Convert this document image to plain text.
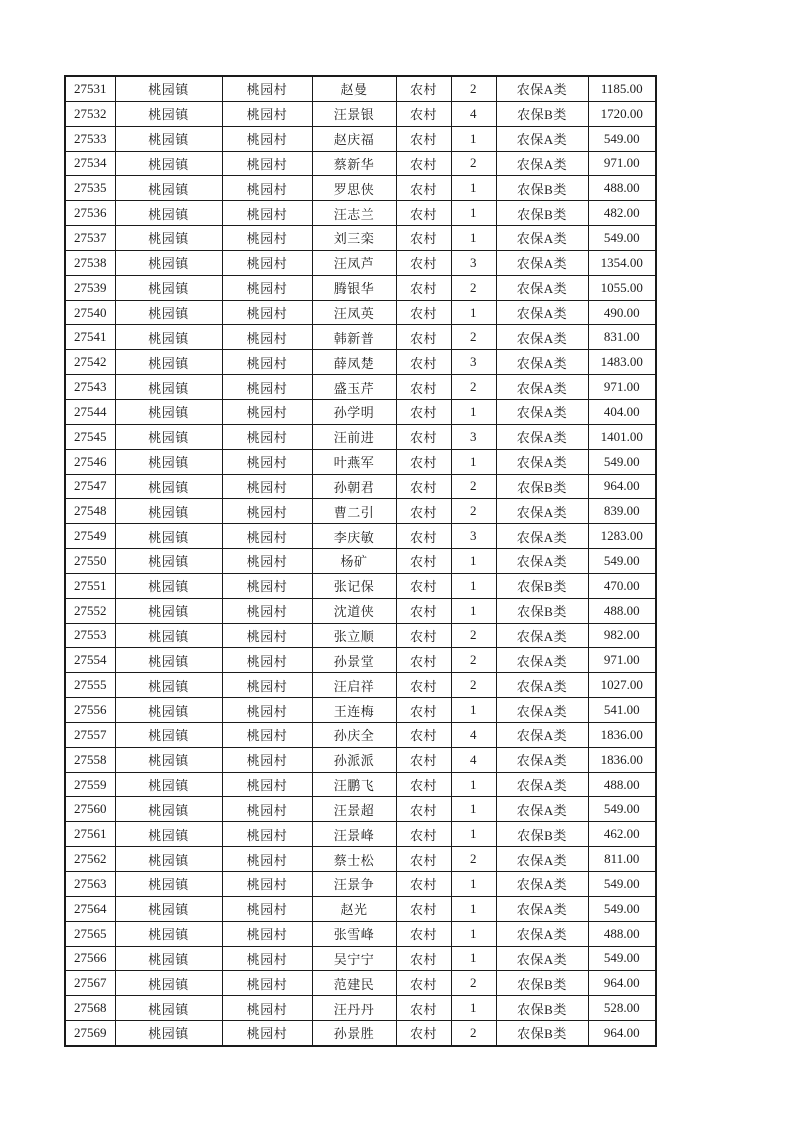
27531	桃园镇	桃园村	赵曼	农村	2	农保A类	1185.00
27532	桃园镇	桃园村	汪景银	农村	4	农保B类	1720.00
27533	桃园镇	桃园村	赵庆福	农村	1	农保A类	549.00
27534	桃园镇	桃园村	蔡新华	农村	2	农保A类	971.00
27535	桃园镇	桃园村	罗思侠	农村	1	农保B类	488.00
27536	桃园镇	桃园村	汪志兰	农村	1	农保B类	482.00
27537	桃园镇	桃园村	刘三栾	农村	1	农保A类	549.00
27538	桃园镇	桃园村	汪凤芦	农村	3	农保A类	1354.00
27539	桃园镇	桃园村	腾银华	农村	2	农保A类	1055.00
27540	桃园镇	桃园村	汪凤英	农村	1	农保A类	490.00
27541	桃园镇	桃园村	韩新普	农村	2	农保A类	831.00
27542	桃园镇	桃园村	薛凤楚	农村	3	农保A类	1483.00
27543	桃园镇	桃园村	盛玉芹	农村	2	农保A类	971.00
27544	桃园镇	桃园村	孙学明	农村	1	农保A类	404.00
27545	桃园镇	桃园村	汪前进	农村	3	农保A类	1401.00
27546	桃园镇	桃园村	叶燕军	农村	1	农保A类	549.00
27547	桃园镇	桃园村	孙朝君	农村	2	农保B类	964.00
27548	桃园镇	桃园村	曹二引	农村	2	农保A类	839.00
27549	桃园镇	桃园村	李庆敏	农村	3	农保A类	1283.00
27550	桃园镇	桃园村	杨矿	农村	1	农保A类	549.00
27551	桃园镇	桃园村	张记保	农村	1	农保B类	470.00
27552	桃园镇	桃园村	沈道侠	农村	1	农保B类	488.00
27553	桃园镇	桃园村	张立顺	农村	2	农保A类	982.00
27554	桃园镇	桃园村	孙景堂	农村	2	农保A类	971.00
27555	桃园镇	桃园村	汪启祥	农村	2	农保A类	1027.00
27556	桃园镇	桃园村	王连梅	农村	1	农保A类	541.00
27557	桃园镇	桃园村	孙庆全	农村	4	农保A类	1836.00
27558	桃园镇	桃园村	孙派派	农村	4	农保A类	1836.00
27559	桃园镇	桃园村	汪鹏飞	农村	1	农保A类	488.00
27560	桃园镇	桃园村	汪景超	农村	1	农保A类	549.00
27561	桃园镇	桃园村	汪景峰	农村	1	农保B类	462.00
27562	桃园镇	桃园村	蔡士松	农村	2	农保A类	811.00
27563	桃园镇	桃园村	汪景争	农村	1	农保A类	549.00
27564	桃园镇	桃园村	赵光	农村	1	农保A类	549.00
27565	桃园镇	桃园村	张雪峰	农村	1	农保A类	488.00
27566	桃园镇	桃园村	吴宁宁	农村	1	农保A类	549.00
27567	桃园镇	桃园村	范建民	农村	2	农保B类	964.00
27568	桃园镇	桃园村	汪丹丹	农村	1	农保B类	528.00
27569	桃园镇	桃园村	孙景胜	农村	2	农保B类	964.00
